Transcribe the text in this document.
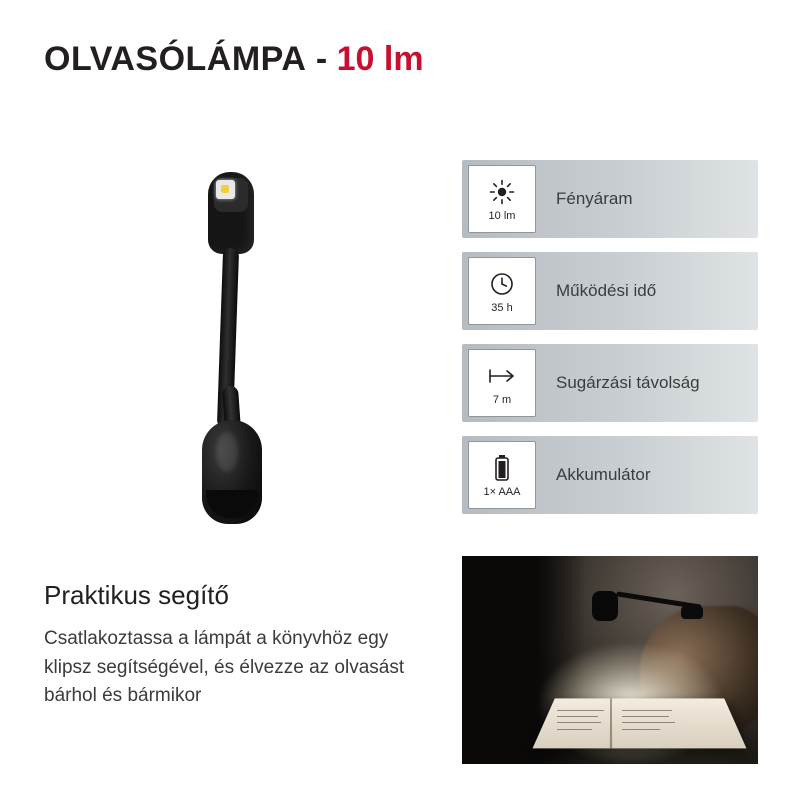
OLVASÓLÁMPA - 10 lm
10 lm
Fényáram
35 h
Működési idő
7 m
Sugárzási távolság
1× AAA
Akkumulátor
Praktikus segítő

Csatlakoztassa a lámpát a könyvhöz egy klipsz segítségével, és élvezze az olvasást bárhol és bármikor
